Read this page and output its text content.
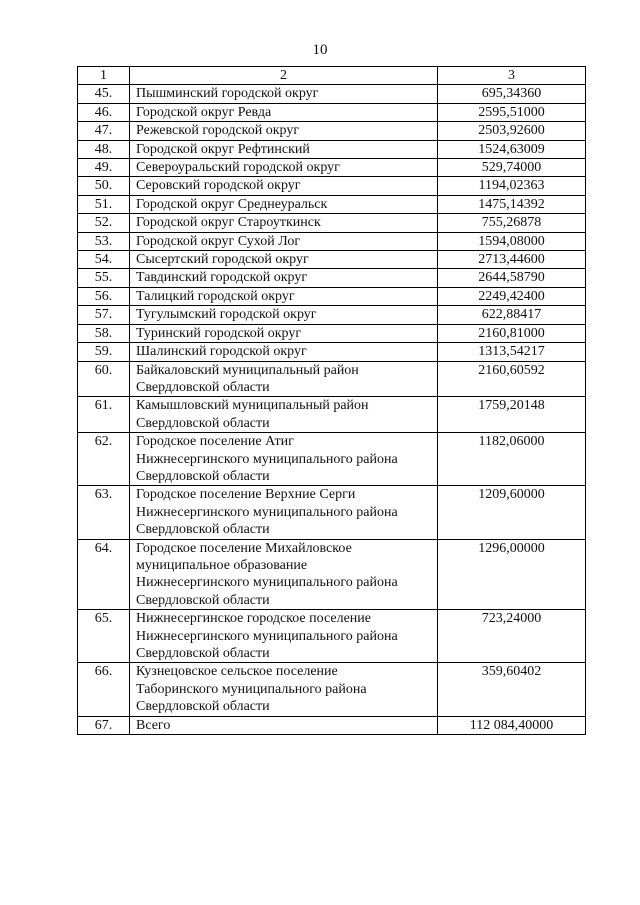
10
1	2	3
45.	Пышминский городской округ	695,34360
46.	Городской округ Ревда	2595,51000
47.	Режевской городской округ	2503,92600
48.	Городской округ Рефтинский	1524,63009
49.	Североуральский городской округ	529,74000
50.	Серовский городской округ	1194,02363
51.	Городской округ Среднеуральск	1475,14392
52.	Городской округ Староуткинск	755,26878
53.	Городской округ Сухой Лог	1594,08000
54.	Сысертский городской округ	2713,44600
55.	Тавдинский городской округ	2644,58790
56.	Талицкий городской округ	2249,42400
57.	Тугулымский городской округ	622,88417
58.	Туринский городской округ	2160,81000
59.	Шалинский городской округ	1313,54217
60.	Байкаловский муниципальный район
Свердловской области	2160,60592
61.	Камышловский муниципальный район
Свердловской области	1759,20148
62.	Городское поселение Атиг
Нижнесергинского муниципального района
Свердловской области	1182,06000
63.	Городское поселение Верхние Серги
Нижнесергинского муниципального района
Свердловской области	1209,60000
64.	Городское поселение Михайловское
муниципальное образование
Нижнесергинского муниципального района
Свердловской области	1296,00000
65.	Нижнесергинское городское поселение
Нижнесергинского муниципального района
Свердловской области	723,24000
66.	Кузнецовское сельское поселение
Таборинского муниципального района
Свердловской области	359,60402
67.	Всего	112 084,40000
